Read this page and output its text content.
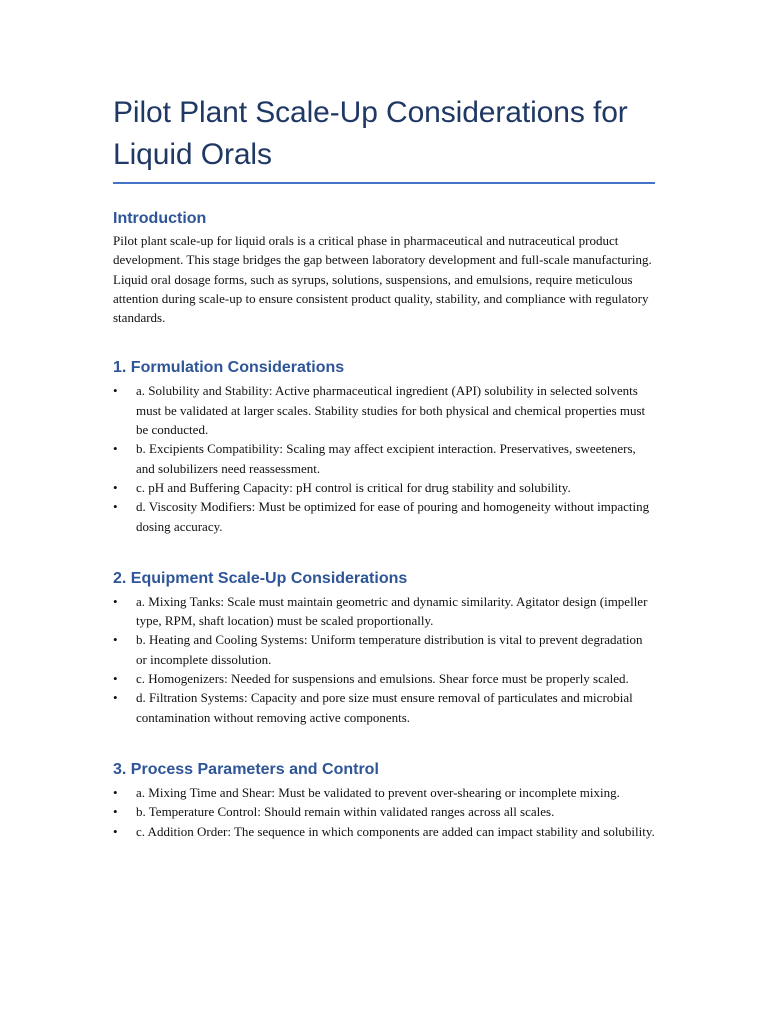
Pilot Plant Scale-Up Considerations for Liquid Orals
Introduction

Pilot plant scale-up for liquid orals is a critical phase in pharmaceutical and nutraceutical product development. This stage bridges the gap between laboratory development and full-scale manufacturing. Liquid oral dosage forms, such as syrups, solutions, suspensions, and emulsions, require meticulous attention during scale-up to ensure consistent product quality, stability, and compliance with regulatory standards.

1. Formulation Considerations
• a. Solubility and Stability: Active pharmaceutical ingredient (API) solubility in selected solvents must be validated at larger scales. Stability studies for both physical and chemical properties must be conducted.
• b. Excipients Compatibility: Scaling may affect excipient interaction. Preservatives, sweeteners, and solubilizers need reassessment.
• c. pH and Buffering Capacity: pH control is critical for drug stability and solubility.
• d. Viscosity Modifiers: Must be optimized for ease of pouring and homogeneity without impacting dosing accuracy.
2. Equipment Scale-Up Considerations
• a. Mixing Tanks: Scale must maintain geometric and dynamic similarity. Agitator design (impeller type, RPM, shaft location) must be scaled proportionally.
• b. Heating and Cooling Systems: Uniform temperature distribution is vital to prevent degradation or incomplete dissolution.
• c. Homogenizers: Needed for suspensions and emulsions. Shear force must be properly scaled.
• d. Filtration Systems: Capacity and pore size must ensure removal of particulates and microbial contamination without removing active components.
3. Process Parameters and Control
• a. Mixing Time and Shear: Must be validated to prevent over-shearing or incomplete mixing.
• b. Temperature Control: Should remain within validated ranges across all scales.
• c. Addition Order: The sequence in which components are added can impact stability and solubility.
